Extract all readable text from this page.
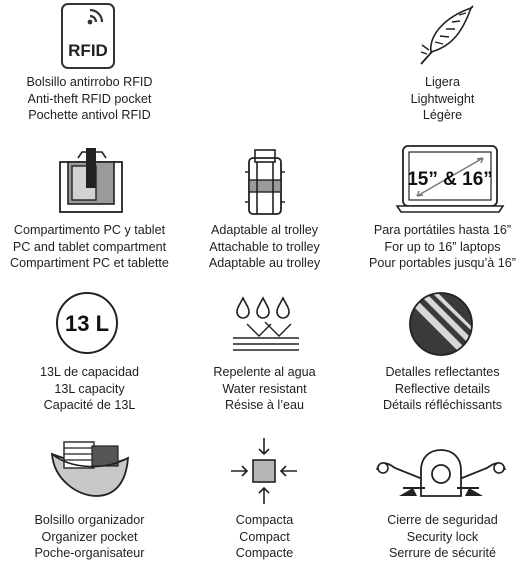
RFID
Bolsillo antirrobo RFID
Anti-theft RFID pocket
Pochette antivol RFID
Ligera
Lightweight
Légère
Compartimento PC y tablet
PC and tablet compartment
Compartiment PC et tablette
Adaptable al trolley
Attachable to trolley
Adaptable au trolley
15” & 16”
Para portátiles hasta 16”
For up to 16” laptops
Pour portables jusqu’à 16”
13 L
13L de capacidad
13L capacity
Capacité de 13L
Repelente al agua
Water resistant
Résise à l’eau
Detalles reflectantes
Reflective details
Détails réfléchissants
Bolsillo organizador
Organizer pocket
Poche-organisateur
Compacta
Compact
Compacte
Cierre de seguridad
Security lock
Serrure de sécurité
